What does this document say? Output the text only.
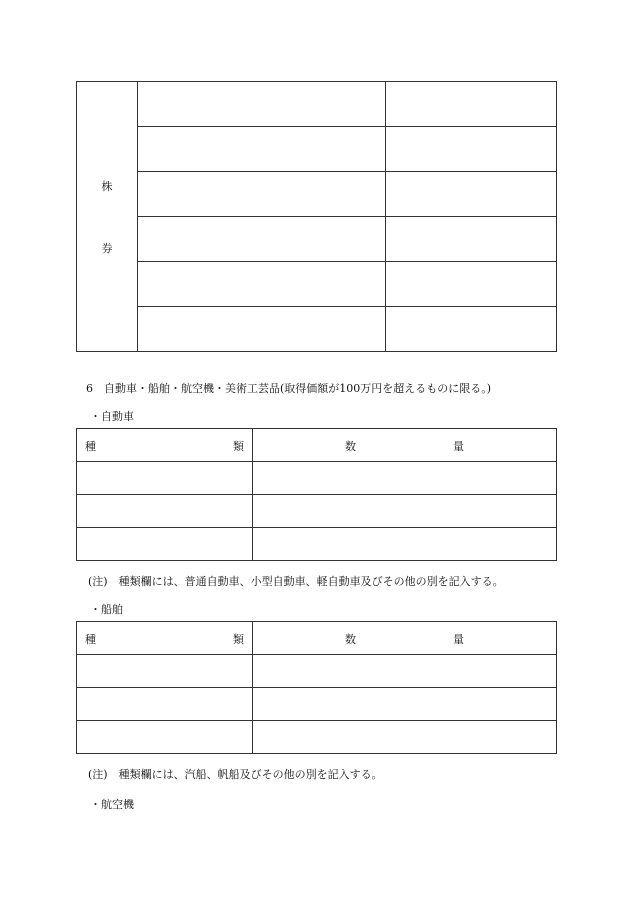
株
券		

6　自動車・船舶・航空機・美術工芸品(取得価額が100万円を超えるものに限る。)
・自動車
種 類	数 量

(注)　種類欄には、普通自動車、小型自動車、軽自動車及びその他の別を記入する。
・船舶
種 類	数 量

(注)　種類欄には、汽船、帆船及びその他の別を記入する。
・航空機
